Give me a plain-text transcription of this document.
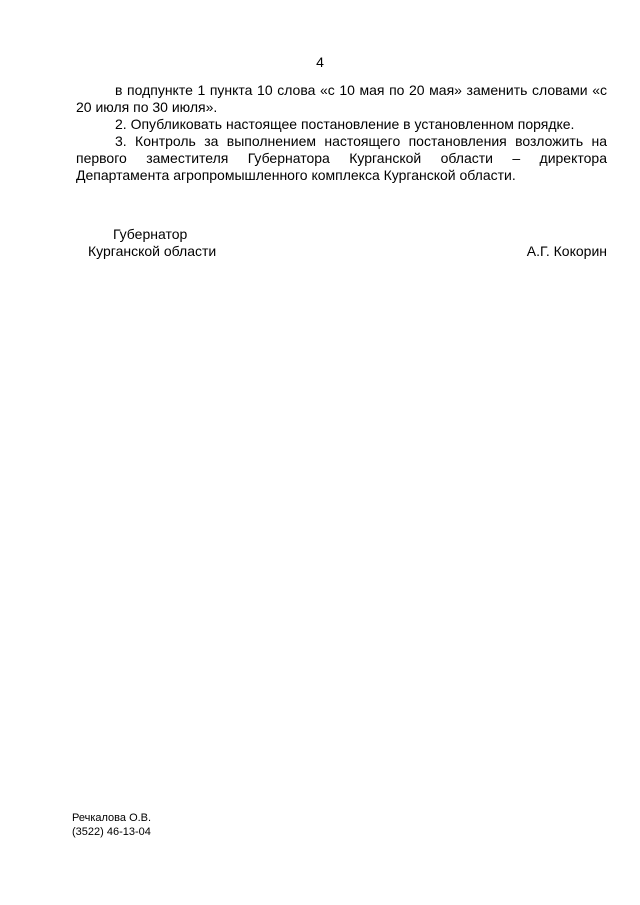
4

в подпункте 1 пункта 10 слова «с 10 мая по 20 мая» заменить словами «с 20 июля по 30 июля».

2. Опубликовать настоящее постановление в установленном порядке.

3. Контроль за выполнением настоящего постановления возложить на первого заместителя Губернатора Курганской области – директора Департамента агропромышленного комплекса Курганской области.

Губернатор
Курганской области	А.Г. Кокорин
Речкалова О.В.
(3522) 46-13-04
